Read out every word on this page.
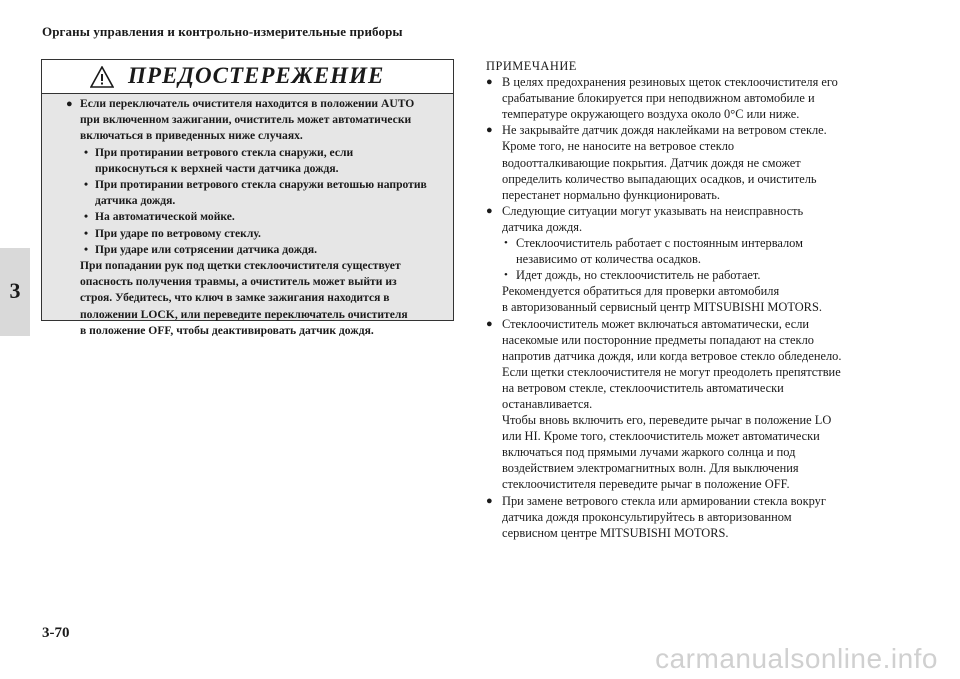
Органы управления и контрольно-измерительные приборы
3
ПРЕДОСТЕРЕЖЕНИЕ
● Если переключатель очистителя находится в положении AUTO
при включенном зажигании, очиститель может автоматически
включаться в приведенных ниже случаях.
• При протирании ветрового стекла снаружи, если
прикоснуться к верхней части датчика дождя.
• При протирании ветрового стекла снаружи ветошью напротив
датчика дождя.
• На автоматической мойке.
• При ударе по ветровому стеклу.
• При ударе или сотрясении датчика дождя.
При попадании рук под щетки стеклоочистителя существует
опасность получения травмы, а очиститель может выйти из
строя. Убедитесь, что ключ в замке зажигания находится в
положении LOCK, или переведите переключатель очистителя
в положение OFF, чтобы деактивировать датчик дождя.
ПРИМЕЧАНИЕ
● В целях предохранения резиновых щеток стеклоочистителя его
срабатывание блокируется при неподвижном автомобиле и
температуре окружающего воздуха около 0°C или ниже.
● Не закрывайте датчик дождя наклейками на ветровом стекле.
Кроме того, не наносите на ветровое стекло
водоотталкивающие покрытия. Датчик дождя не сможет
определить количество выпадающих осадков, и очиститель
перестанет нормально функционировать.
● Следующие ситуации могут указывать на неисправность
датчика дождя.
• Стеклоочиститель работает с постоянным интервалом
независимо от количества осадков.
• Идет дождь, но стеклоочиститель не работает.
Рекомендуется обратиться для проверки автомобиля
в авторизованный сервисный центр MITSUBISHI MOTORS.
● Стеклоочиститель может включаться автоматически, если
насекомые или посторонние предметы попадают на стекло
напротив датчика дождя, или когда ветровое стекло обледенело.
Если щетки стеклоочистителя не могут преодолеть препятствие
на ветровом стекле, стеклоочиститель автоматически
останавливается.
Чтобы вновь включить его, переведите рычаг в положение LO
или HI. Кроме того, стеклоочиститель может автоматически
включаться под прямыми лучами жаркого солнца и под
воздействием электромагнитных волн. Для выключения
стеклоочистителя переведите рычаг в положение OFF.
● При замене ветрового стекла или армировании стекла вокруг
датчика дождя проконсультируйтесь в авторизованном
сервисном центре MITSUBISHI MOTORS.
3-70
carmanualsonline.info
